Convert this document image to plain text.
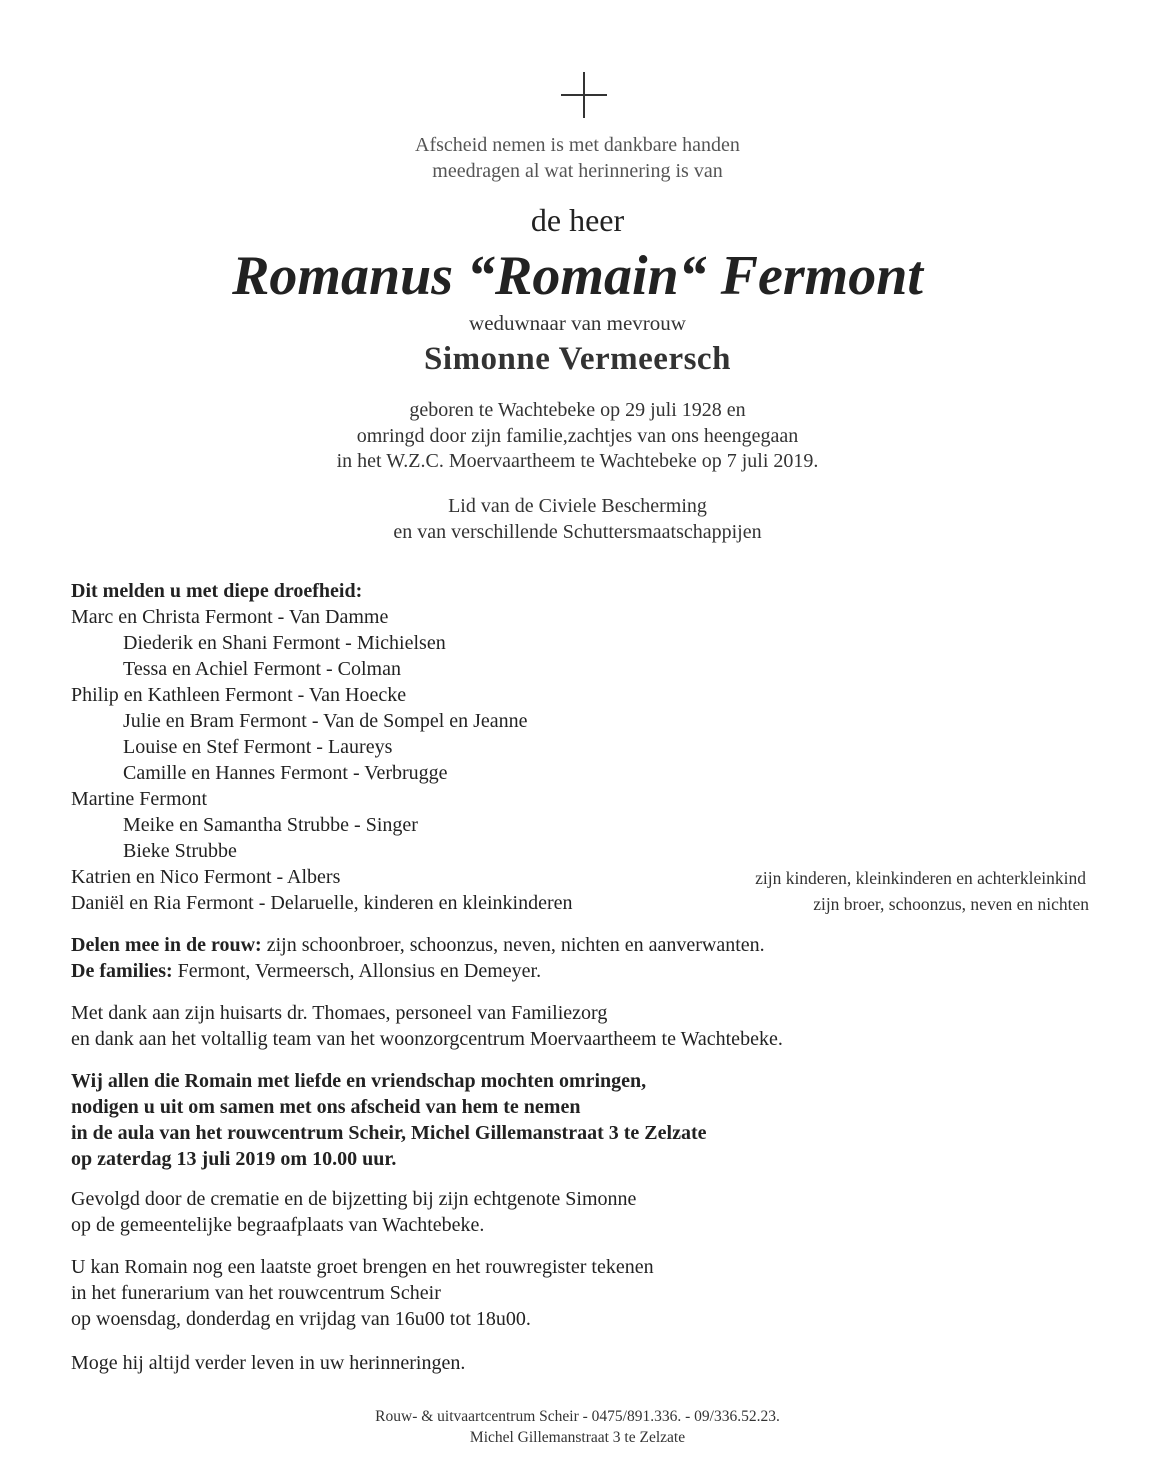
Afscheid nemen is met dankbare handen
meedragen al wat herinnering is van
de heer
Romanus “Romain“ Fermont
weduwnaar van mevrouw
Simonne Vermeersch
geboren te Wachtebeke op 29 juli 1928 en
omringd door zijn familie,zachtjes van ons heengegaan
in het W.Z.C. Moervaartheem te Wachtebeke op 7 juli 2019.
Lid van de Civiele Bescherming
en van verschillende Schuttersmaatschappijen
Dit melden u met diepe droefheid:
Marc en Christa Fermont - Van Damme
Diederik en Shani Fermont - Michielsen
Tessa en Achiel Fermont - Colman
Philip en Kathleen Fermont - Van Hoecke
Julie en Bram Fermont - Van de Sompel en Jeanne
Louise en Stef Fermont - Laureys
Camille en Hannes Fermont - Verbrugge
Martine Fermont
Meike en Samantha Strubbe - Singer
Bieke Strubbe
Katrien en Nico Fermont - Albers	zijn kinderen, kleinkinderen en achterkleinkind
Daniël en Ria Fermont - Delaruelle, kinderen en kleinkinderen	zijn broer, schoonzus, neven en nichten
Delen mee in de rouw: zijn schoonbroer, schoonzus, neven, nichten en aanverwanten.
De families: Fermont, Vermeersch, Allonsius en Demeyer.
Met dank aan zijn huisarts dr. Thomaes, personeel van Familiezorg
en dank aan het voltallig team van het woonzorgcentrum Moervaartheem te Wachtebeke.
Wij allen die Romain met liefde en vriendschap mochten omringen,
nodigen u uit om samen met ons afscheid van hem te nemen
in de aula van het rouwcentrum Scheir, Michel Gillemanstraat 3 te Zelzate
op zaterdag 13 juli 2019 om 10.00 uur.
Gevolgd door de crematie en de bijzetting bij zijn echtgenote Simonne
op de gemeentelijke begraafplaats van Wachtebeke.
U kan Romain nog een laatste groet brengen en het rouwregister tekenen
in het funerarium van het rouwcentrum Scheir
op woensdag, donderdag en vrijdag van 16u00 tot 18u00.
Moge hij altijd verder leven in uw herinneringen.
Rouw- & uitvaartcentrum Scheir - 0475/891.336. - 09/336.52.23.
Michel Gillemanstraat 3 te Zelzate
